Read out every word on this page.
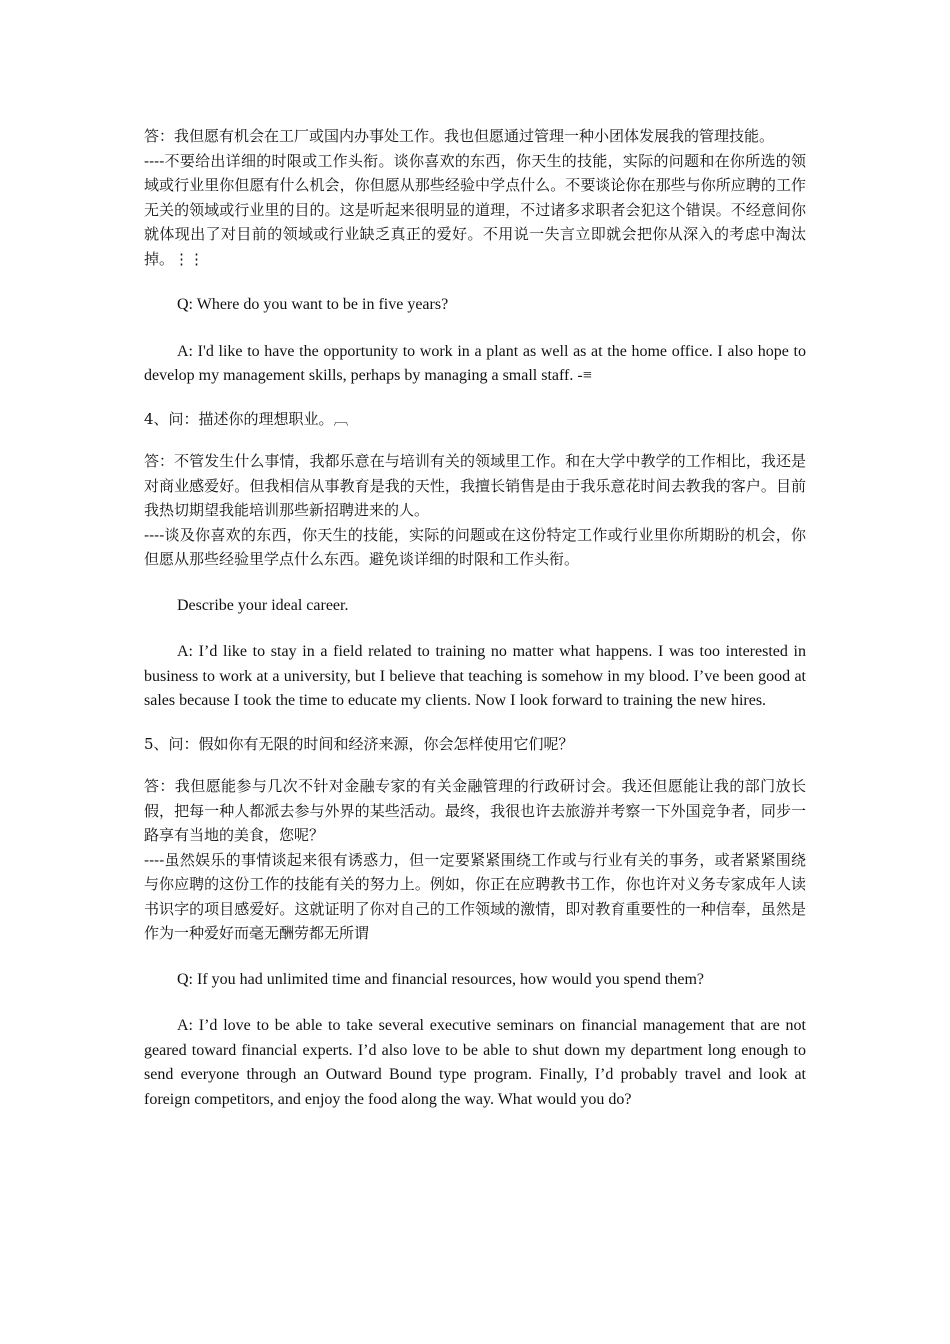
答：我但愿有机会在工厂或国内办事处工作。我也但愿通过管理一种小团体发展我的管理技能。

----不要给出详细的时限或工作头衔。谈你喜欢的东西，你天生的技能，实际的问题和在你所选的领域或行业里你但愿有什么机会，你但愿从那些经验中学点什么。不要谈论你在那些与你所应聘的工作无关的领域或行业里的目的。这是听起来很明显的道理，不过诸多求职者会犯这个错误。不经意间你就体现出了对目前的领域或行业缺乏真正的爱好。不用说一失言立即就会把你从深入的考虑中淘汰掉。⋮⋮

Q: Where do you want to be in five years?

A: I'd like to have the opportunity to work in a plant as well as at the home office. I also hope to develop my management skills, perhaps by managing a small staff. -≡

4、问：描述你的理想职业。︹

答：不管发生什么事情，我都乐意在与培训有关的领域里工作。和在大学中教学的工作相比，我还是对商业感爱好。但我相信从事教育是我的天性，我擅长销售是由于我乐意花时间去教我的客户。目前我热切期望我能培训那些新招聘进来的人。

----谈及你喜欢的东西，你天生的技能，实际的问题或在这份特定工作或行业里你所期盼的机会，你但愿从那些经验里学点什么东西。避免谈详细的时限和工作头衔。

Describe your ideal career.

A: I’d like to stay in a field related to training no matter what happens. I was too interested in business to work at a university, but I believe that teaching is somehow in my blood. I’ve been good at sales because I took the time to educate my clients. Now I look forward to training the new hires.

5、问：假如你有无限的时间和经济来源，你会怎样使用它们呢？

答：我但愿能参与几次不针对金融专家的有关金融管理的行政研讨会。我还但愿能让我的部门放长假，把每一种人都派去参与外界的某些活动。最终，我很也许去旅游并考察一下外国竞争者，同步一路享有当地的美食，您呢？

----虽然娱乐的事情谈起来很有诱惑力，但一定要紧紧围绕工作或与行业有关的事务，或者紧紧围绕与你应聘的这份工作的技能有关的努力上。例如，你正在应聘教书工作，你也许对义务专家成年人读书识字的项目感爱好。这就证明了你对自己的工作领域的激情，即对教育重要性的一种信奉，虽然是作为一种爱好而毫无酬劳都无所谓

Q: If you had unlimited time and financial resources, how would you spend them?

A: I’d love to be able to take several executive seminars on financial management that are not geared toward financial experts. I’d also love to be able to shut down my department long enough to send everyone through an Outward Bound type program. Finally, I’d probably travel and look at foreign competitors, and enjoy the food along the way. What would you do?
